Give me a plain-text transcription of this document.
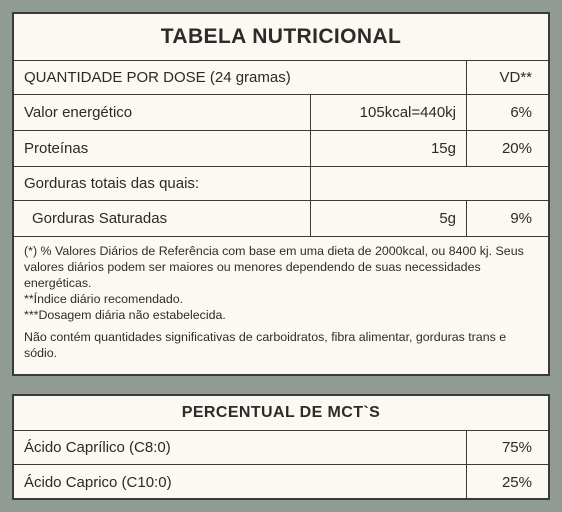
TABELA NUTRICIONAL
QUANTIDADE POR DOSE (24 gramas)	VD**
Valor energético	105kcal=440kj	6%
Proteínas	15g	20%
Gorduras totais das quais:
Gorduras Saturadas	5g	9%

(*) % Valores Diários de Referência com base em uma dieta de 2000kcal, ou 8400 kj. Seus valores diários podem ser maiores ou menores dependendo de suas necessidades energéticas.

**Índice diário recomendado.

***Dosagem diária não estabelecida.

Não contém quantidades significativas de carboidratos, fibra alimentar, gorduras trans e sódio.

PERCENTUAL DE MCT`S
Ácido Caprílico (C8:0)	75%
Ácido Caprico (C10:0)	25%
